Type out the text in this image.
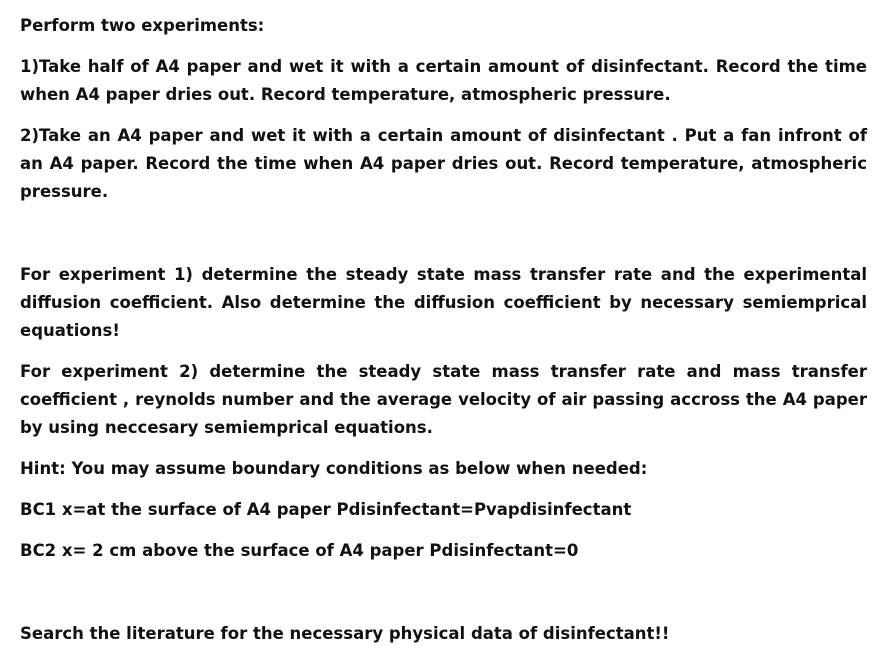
Perform two experiments:

1)Take half of A4 paper and wet it with a certain amount of disinfectant. Record the time when A4 paper dries out. Record temperature, atmospheric pressure.

2)Take an A4 paper and wet it with a certain amount of disinfectant . Put a fan infront of an A4 paper. Record the time when A4 paper dries out. Record temperature, atmospheric pressure.

For experiment 1) determine the steady state mass transfer rate and the experimental diffusion coefficient. Also determine the diffusion coefficient by necessary semiemprical equations!

For experiment 2) determine the steady state mass transfer rate and mass transfer coefficient , reynolds number and the average velocity of air passing accross the A4 paper by using neccesary semiemprical equations.

Hint: You may assume boundary conditions as below when needed:

BC1 x=at the surface of A4 paper Pdisinfectant=Pvapdisinfectant

BC2 x= 2 cm above the surface of A4 paper Pdisinfectant=0

Search the literature for the necessary physical data of disinfectant!!
